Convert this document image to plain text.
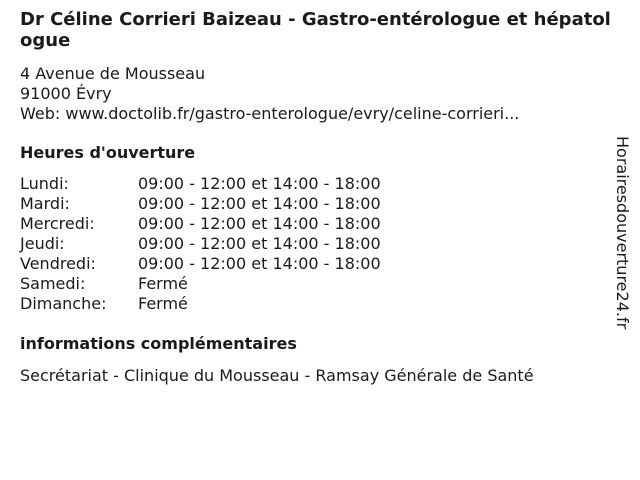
Dr Céline Corrieri Baizeau - Gastro-entérologue et hépatologue
4 Avenue de Mousseau
91000 Évry
Web: www.doctolib.fr/gastro-enterologue/evry/celine-corrieri...
Heures d'ouverture
Lundi:	09:00 - 12:00 et 14:00 - 18:00
Mardi:	09:00 - 12:00 et 14:00 - 18:00
Mercredi:	09:00 - 12:00 et 14:00 - 18:00
Jeudi:	09:00 - 12:00 et 14:00 - 18:00
Vendredi:	09:00 - 12:00 et 14:00 - 18:00
Samedi:	Fermé
Dimanche:	Fermé
informations complémentaires
Secrétariat - Clinique du Mousseau - Ramsay Générale de Santé
Horairesdouverture24.fr
